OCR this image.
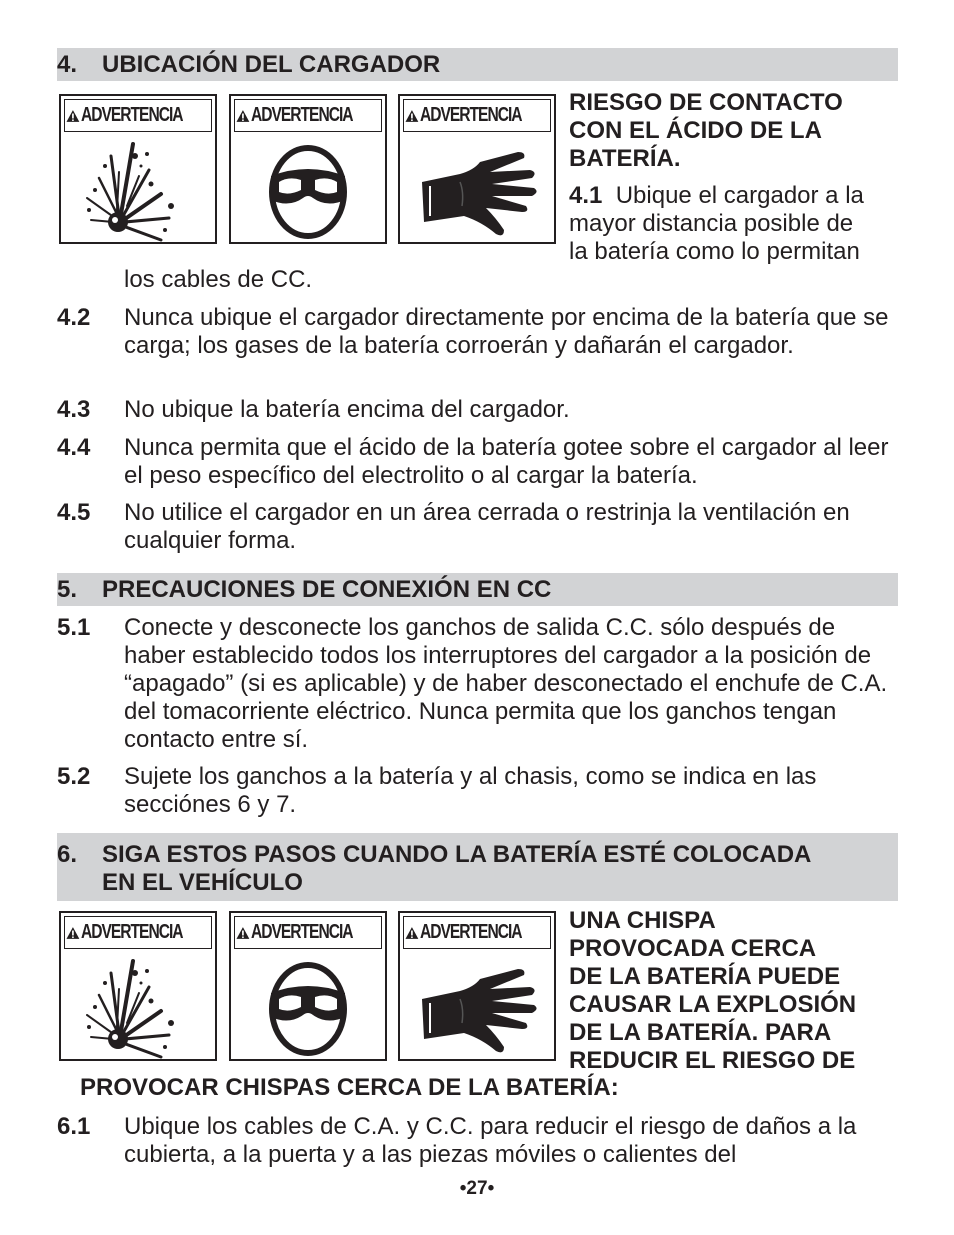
4. UBICACIÓN DEL CARGADOR
ADVERTENCIA	ADVERTENCIA	ADVERTENCIA RIESGO DE CONTACTO
CON EL ÁCIDO DE LA
BATERÍA.
4.1 Ubique el cargador a la
mayor distancia posible de
la batería como lo permitan
los cables de CC.
4.2 Nunca ubique el cargador directamente por encima de la batería que se carga; los gases de la batería corroerán y dañarán el cargador.
4.3 No ubique la batería encima del cargador.
4.4 Nunca permita que el ácido de la batería gotee sobre el cargador al leer el peso específico del electrolito o al cargar la batería.
4.5 No utilice el cargador en un área cerrada o restrinja la ventilación en cualquier forma.
5. PRECAUCIONES DE CONEXIÓN EN CC
5.1 Conecte y desconecte los ganchos de salida C.C. sólo después de haber establecido todos los interruptores del cargador a la posición de “apagado” (si es aplicable) y de haber desconectado el enchufe de C.A. del tomacorriente eléctrico. Nunca permita que los ganchos tengan contacto entre sí.
5.2 Sujete los ganchos a la batería y al chasis, como se indica en las secciónes 6 y 7.
6. SIGA ESTOS PASOS CUANDO LA BATERÍA ESTÉ COLOCADA
EN EL VEHÍCULO
ADVERTENCIA	ADVERTENCIA	ADVERTENCIA UNA CHISPA
PROVOCADA CERCA
DE LA BATERÍA PUEDE
CAUSAR LA EXPLOSIÓN
DE LA BATERÍA. PARA
REDUCIR EL RIESGO DE
PROVOCAR CHISPAS CERCA DE LA BATERÍA:
6.1 Ubique los cables de C.A. y C.C. para reducir el riesgo de daños a la cubierta, a la puerta y a las piezas móviles o calientes del
•27•
